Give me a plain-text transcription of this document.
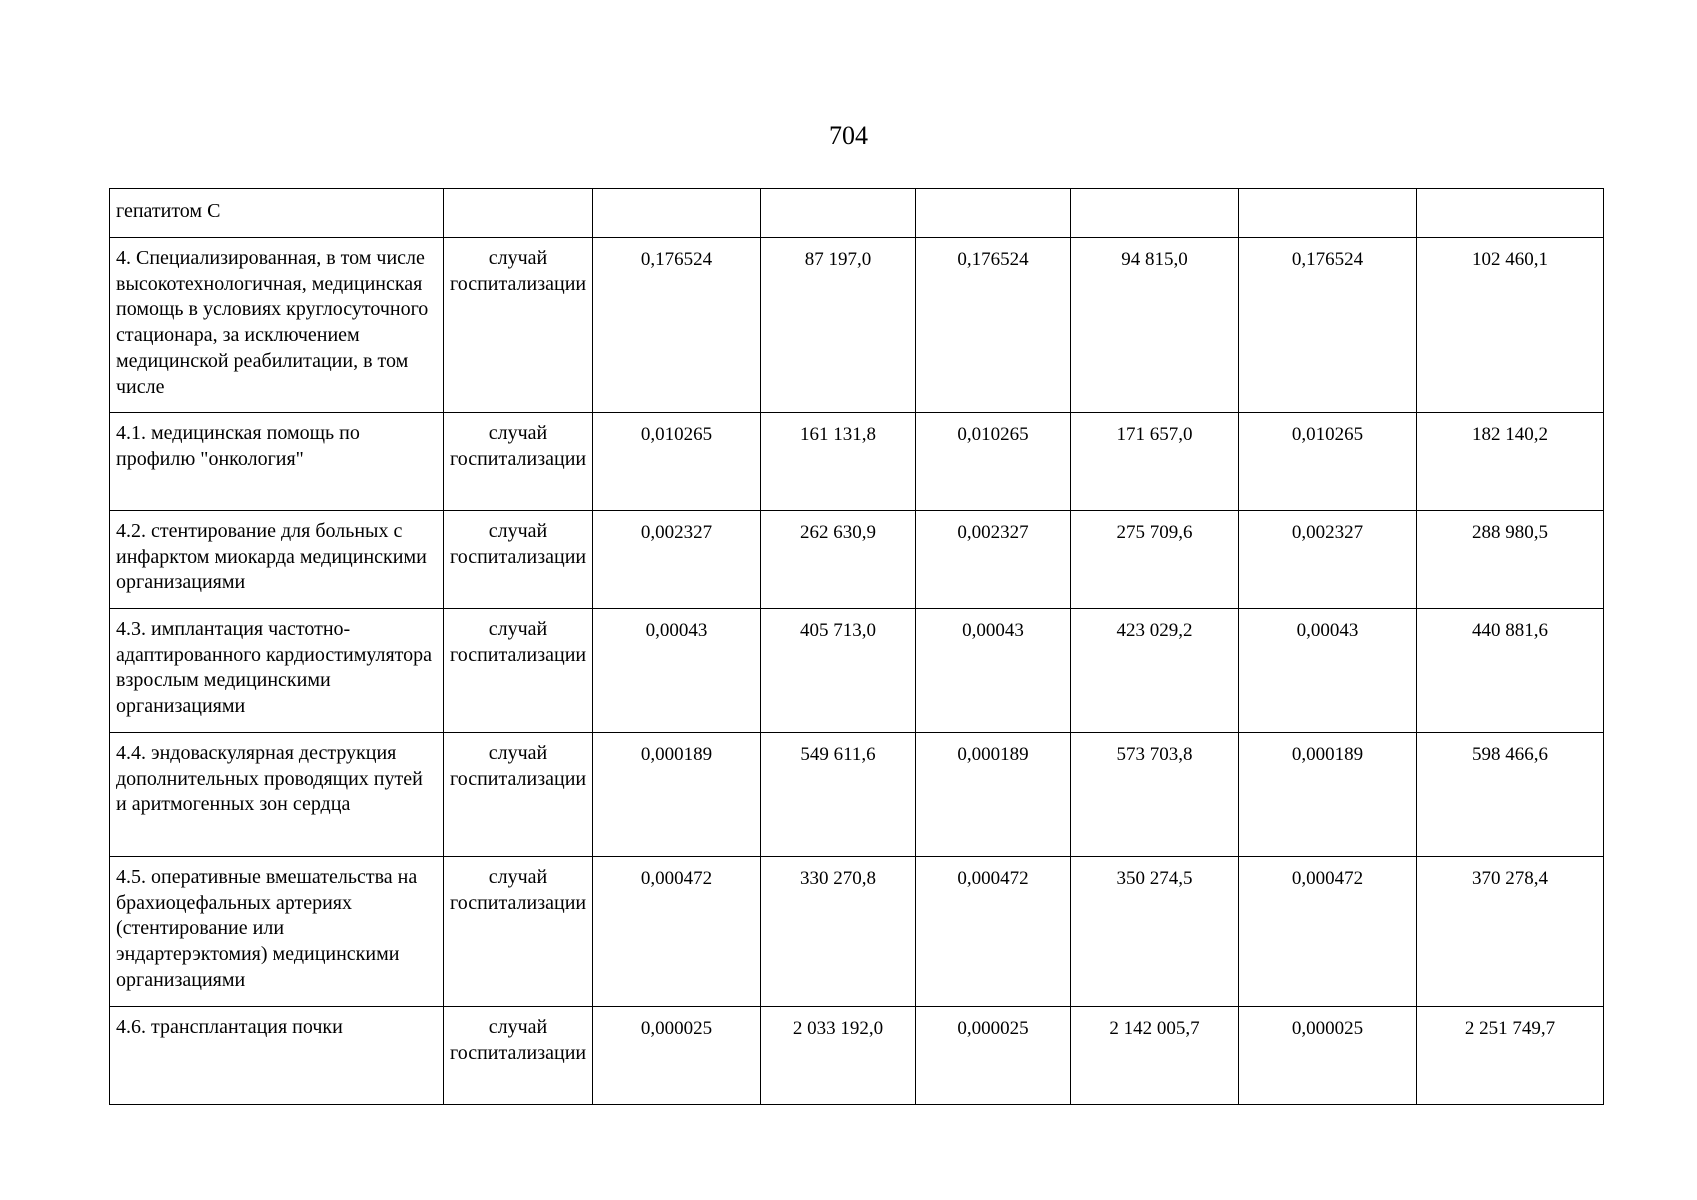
704
гепатитом С							
4. Специализированная, в том числе высокотехнологичная, медицинская помощь в условиях круглосуточного стационара, за исключением медицинской реабилитации, в том числе	случай госпитализации	0,176524	87 197,0	0,176524	94 815,0	0,176524	102 460,1
4.1. медицинская помощь по профилю "онкология"	случай госпитализации	0,010265	161 131,8	0,010265	171 657,0	0,010265	182 140,2
4.2. стентирование для больных с инфарктом миокарда медицинскими организациями	случай госпитализации	0,002327	262 630,9	0,002327	275 709,6	0,002327	288 980,5
4.3. имплантация частотно-адаптированного кардиостимулятора взрослым медицинскими организациями	случай госпитализации	0,00043	405 713,0	0,00043	423 029,2	0,00043	440 881,6
4.4. эндоваскулярная деструкция дополнительных проводящих путей и аритмогенных зон сердца	случай госпитализации	0,000189	549 611,6	0,000189	573 703,8	0,000189	598 466,6
4.5. оперативные вмешательства на брахиоцефальных артериях (стентирование или эндартерэктомия) медицинскими организациями	случай госпитализации	0,000472	330 270,8	0,000472	350 274,5	0,000472	370 278,4
4.6. трансплантация почки	случай госпитализации	0,000025	2 033 192,0	0,000025	2 142 005,7	0,000025	2 251 749,7
